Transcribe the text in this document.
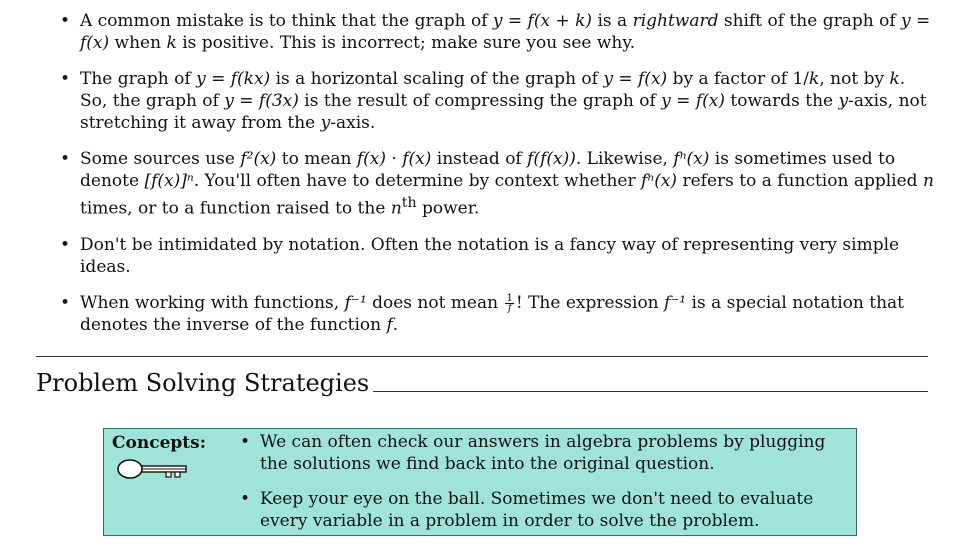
• A common mistake is to think that the graph of y = f(x + k) is a rightward shift of the graph of y = f(x) when k is positive. This is incorrect; make sure you see why.
• The graph of y = f(kx) is a horizontal scaling of the graph of y = f(x) by a factor of 1/k, not by k. So, the graph of y = f(3x) is the result of compressing the graph of y = f(x) towards the y-axis, not stretching it away from the y-axis.
• Some sources use f²(x) to mean f(x) · f(x) instead of f(f(x)). Likewise, fⁿ(x) is sometimes used to denote [f(x)]ⁿ. You'll often have to determine by context whether fⁿ(x) refers to a function applied n times, or to a function raised to the $n^{th}$ power.
• Don't be intimidated by notation. Often the notation is a fancy way of representing very simple ideas.
• When working with functions, f⁻¹ does not mean $\frac{1}{f}$ ! The expression f⁻¹ is a special notation that denotes the inverse of the function f.
Problem Solving Strategies
Concepts: • We can often check our answers in algebra problems by plugging the solutions we find back into the original question.
• Keep your eye on the ball. Sometimes we don't need to evaluate every variable in a problem in order to solve the problem.
